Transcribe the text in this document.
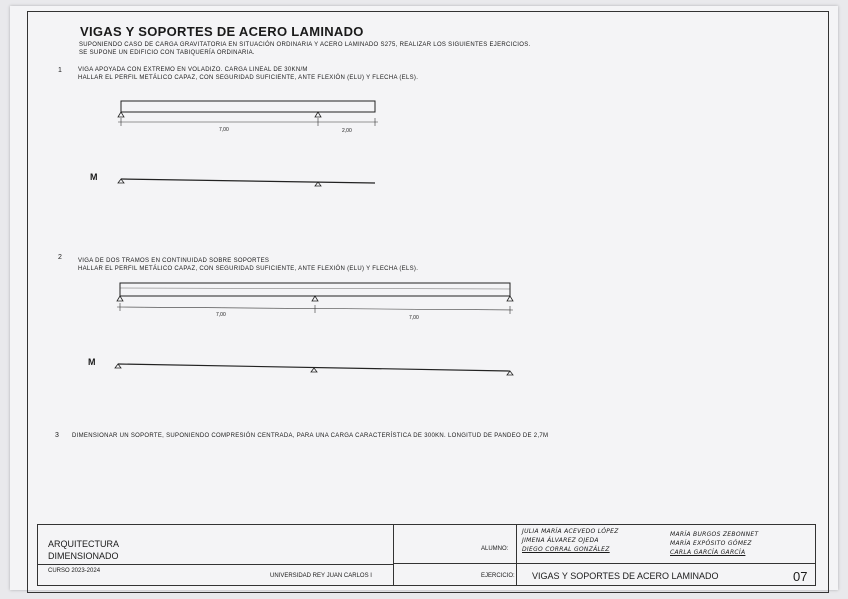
VIGAS Y SOPORTES DE ACERO LAMINADO
SUPONIENDO CASO DE CARGA GRAVITATORIA EN SITUACIÓN ORDINARIA Y ACERO LAMINADO S275, REALIZAR LOS SIGUIENTES EJERCICIOS.
SE SUPONE UN EDIFICIO CON TABIQUERÍA ORDINARIA.
1	VIGA APOYADA CON EXTREMO EN VOLADIZO. CARGA LINEAL DE 30KN/M
HALLAR EL PERFIL METÁLICO CAPAZ, CON SEGURIDAD SUFICIENTE, ANTE FLEXIÓN (ELU) Y FLECHA (ELS).
7,00	2,00
M
2	VIGA DE DOS TRAMOS EN CONTINUIDAD SOBRE SOPORTES
HALLAR EL PERFIL METÁLICO CAPAZ, CON SEGURIDAD SUFICIENTE, ANTE FLEXIÓN (ELU) Y FLECHA (ELS).
7,00	7,00
M
3 DIMENSIONAR UN SOPORTE, SUPONIENDO COMPRESIÓN CENTRADA, PARA UNA CARGA CARACTERÍSTICA DE 300KN. LONGITUD DE PANDEO DE 2,7M
ARQUITECTURA
DIMENSIONADO
CURSO 2023-2024
UNIVERSIDAD REY JUAN CARLOS I
ALUMNO:
JULIA MARÍA ACEVEDO LÓPEZ
JIMENA ÁLVAREZ OJEDA
DIEGO CORRAL GONZÁLEZ
MARÍA BURGOS ZEBONNET
MARÍA EXPÓSITO GÓMEZ
CARLA GARCÍA GARCÍA
EJERCICIO: VIGAS Y SOPORTES DE ACERO LAMINADO	07
